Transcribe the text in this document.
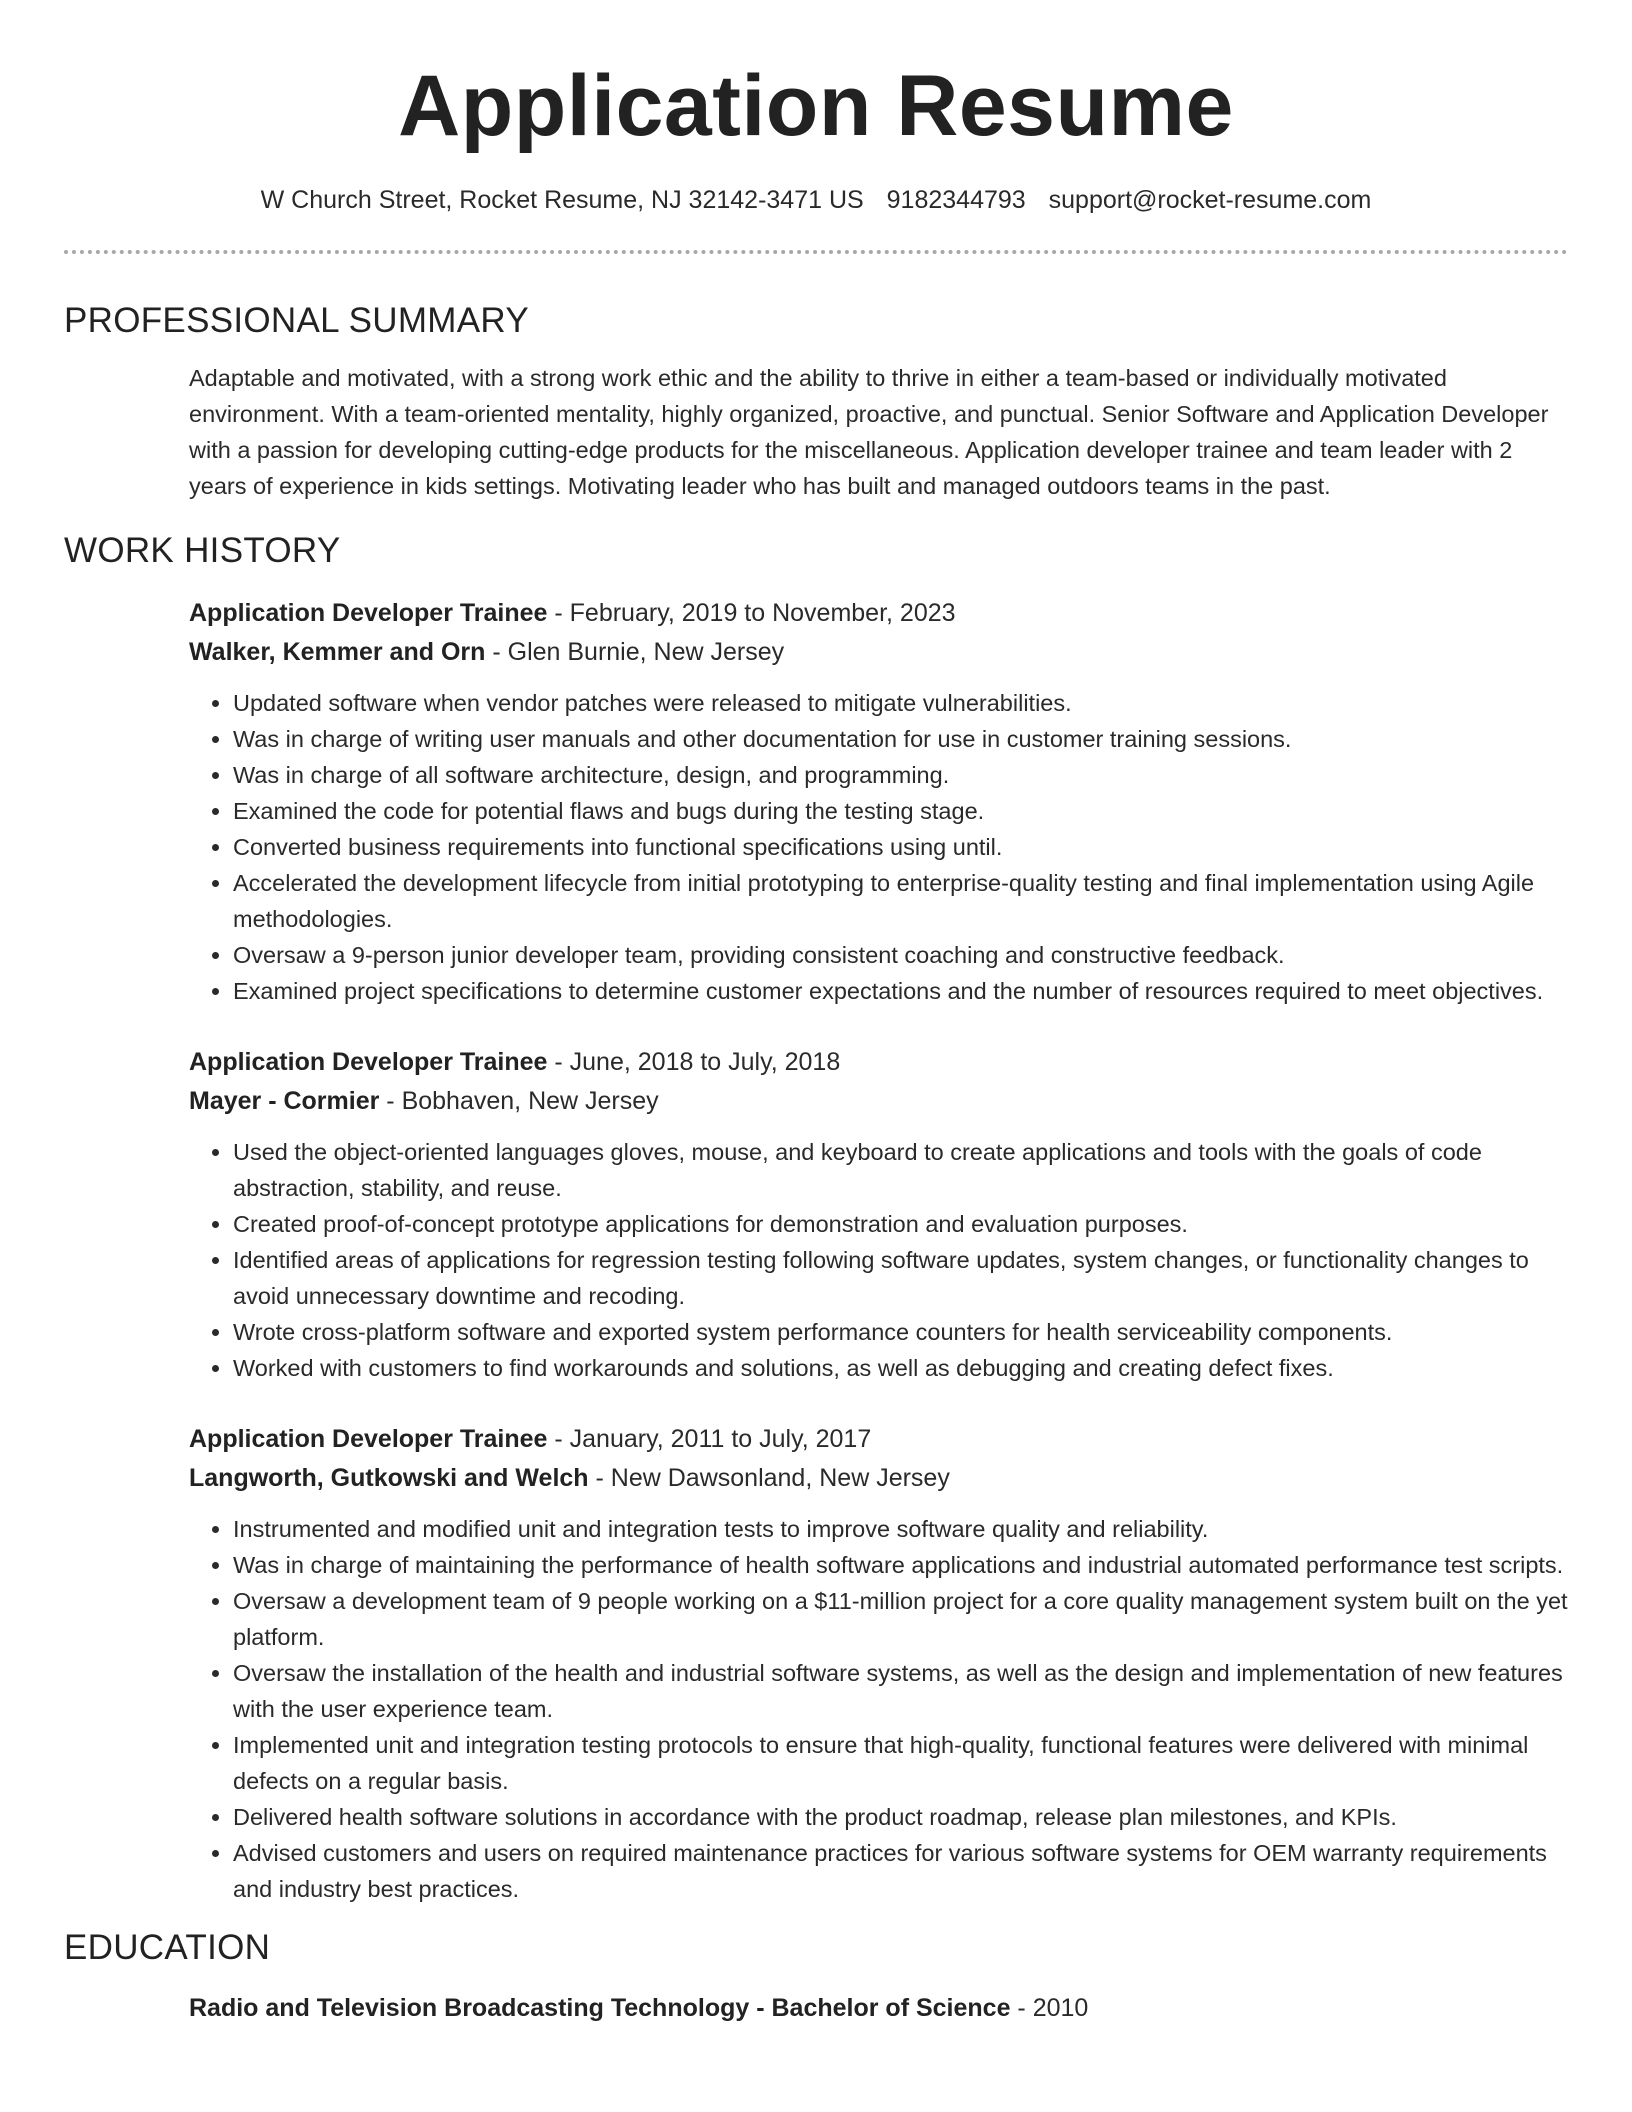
Application Resume
W Church Street, Rocket Resume, NJ 32142-3471 US 9182344793 support@rocket-resume.com
PROFESSIONAL SUMMARY

Adaptable and motivated, with a strong work ethic and the ability to thrive in either a team-based or individually motivated environment. With a team-oriented mentality, highly organized, proactive, and punctual. Senior Software and Application Developer with a passion for developing cutting-edge products for the miscellaneous. Application developer trainee and team leader with 2 years of experience in kids settings. Motivating leader who has built and managed outdoors teams in the past.

WORK HISTORY
Application Developer Trainee - February, 2019 to November, 2023
Walker, Kemmer and Orn - Glen Burnie, New Jersey
• Updated software when vendor patches were released to mitigate vulnerabilities.
• Was in charge of writing user manuals and other documentation for use in customer training sessions.
• Was in charge of all software architecture, design, and programming.
• Examined the code for potential flaws and bugs during the testing stage.
• Converted business requirements into functional specifications using until.
• Accelerated the development lifecycle from initial prototyping to enterprise-quality testing and final implementation using Agile methodologies.
• Oversaw a 9-person junior developer team, providing consistent coaching and constructive feedback.
• Examined project specifications to determine customer expectations and the number of resources required to meet objectives.
Application Developer Trainee - June, 2018 to July, 2018
Mayer - Cormier - Bobhaven, New Jersey
• Used the object-oriented languages gloves, mouse, and keyboard to create applications and tools with the goals of code abstraction, stability, and reuse.
• Created proof-of-concept prototype applications for demonstration and evaluation purposes.
• Identified areas of applications for regression testing following software updates, system changes, or functionality changes to avoid unnecessary downtime and recoding.
• Wrote cross-platform software and exported system performance counters for health serviceability components.
• Worked with customers to find workarounds and solutions, as well as debugging and creating defect fixes.
Application Developer Trainee - January, 2011 to July, 2017
Langworth, Gutkowski and Welch - New Dawsonland, New Jersey
• Instrumented and modified unit and integration tests to improve software quality and reliability.
• Was in charge of maintaining the performance of health software applications and industrial automated performance test scripts.
• Oversaw a development team of 9 people working on a $11-million project for a core quality management system built on the yet platform.
• Oversaw the installation of the health and industrial software systems, as well as the design and implementation of new features with the user experience team.
• Implemented unit and integration testing protocols to ensure that high-quality, functional features were delivered with minimal defects on a regular basis.
• Delivered health software solutions in accordance with the product roadmap, release plan milestones, and KPIs.
• Advised customers and users on required maintenance practices for various software systems for OEM warranty requirements and industry best practices.
EDUCATION
Radio and Television Broadcasting Technology - Bachelor of Science - 2010
